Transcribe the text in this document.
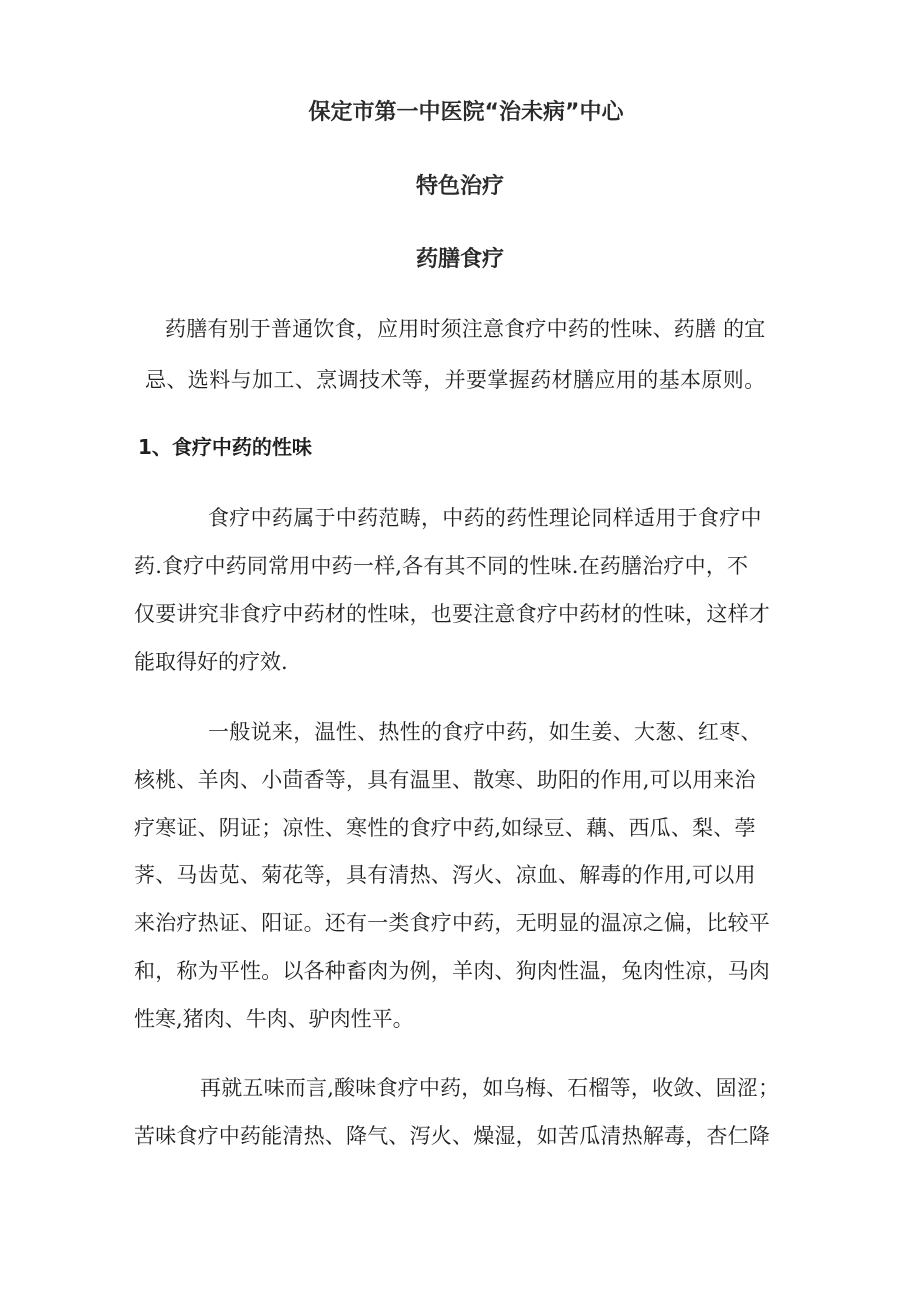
保定市第一中医院“治未病”中心
特色治疗
药膳食疗
药膳有别于普通饮食，应用时须注意食疗中药的性味、药膳 的宜
忌、选料与加工、烹调技术等，并要掌握药材膳应用的基本原则。
1、食疗中药的性味
食疗中药属于中药范畴，中药的药性理论同样适用于食疗中
药.食疗中药同常用中药一样,各有其不同的性味.在药膳治疗中，不
仅要讲究非食疗中药材的性味，也要注意食疗中药材的性味，这样才
能取得好的疗效.
一般说来，温性、热性的食疗中药，如生姜、大葱、红枣、
核桃、羊肉、小茴香等，具有温里、散寒、助阳的作用,可以用来治
疗寒证、阴证；凉性、寒性的食疗中药,如绿豆、藕、西瓜、梨、荸
荠、马齿苋、菊花等，具有清热、泻火、凉血、解毒的作用,可以用
来治疗热证、阳证。还有一类食疗中药，无明显的温凉之偏，比较平
和，称为平性。以各种畜肉为例，羊肉、狗肉性温，兔肉性凉，马肉
性寒,猪肉、牛肉、驴肉性平。
再就五味而言,酸味食疗中药，如乌梅、石榴等，收敛、固涩；
苦味食疗中药能清热、降气、泻火、燥湿，如苦瓜清热解毒，杏仁降
